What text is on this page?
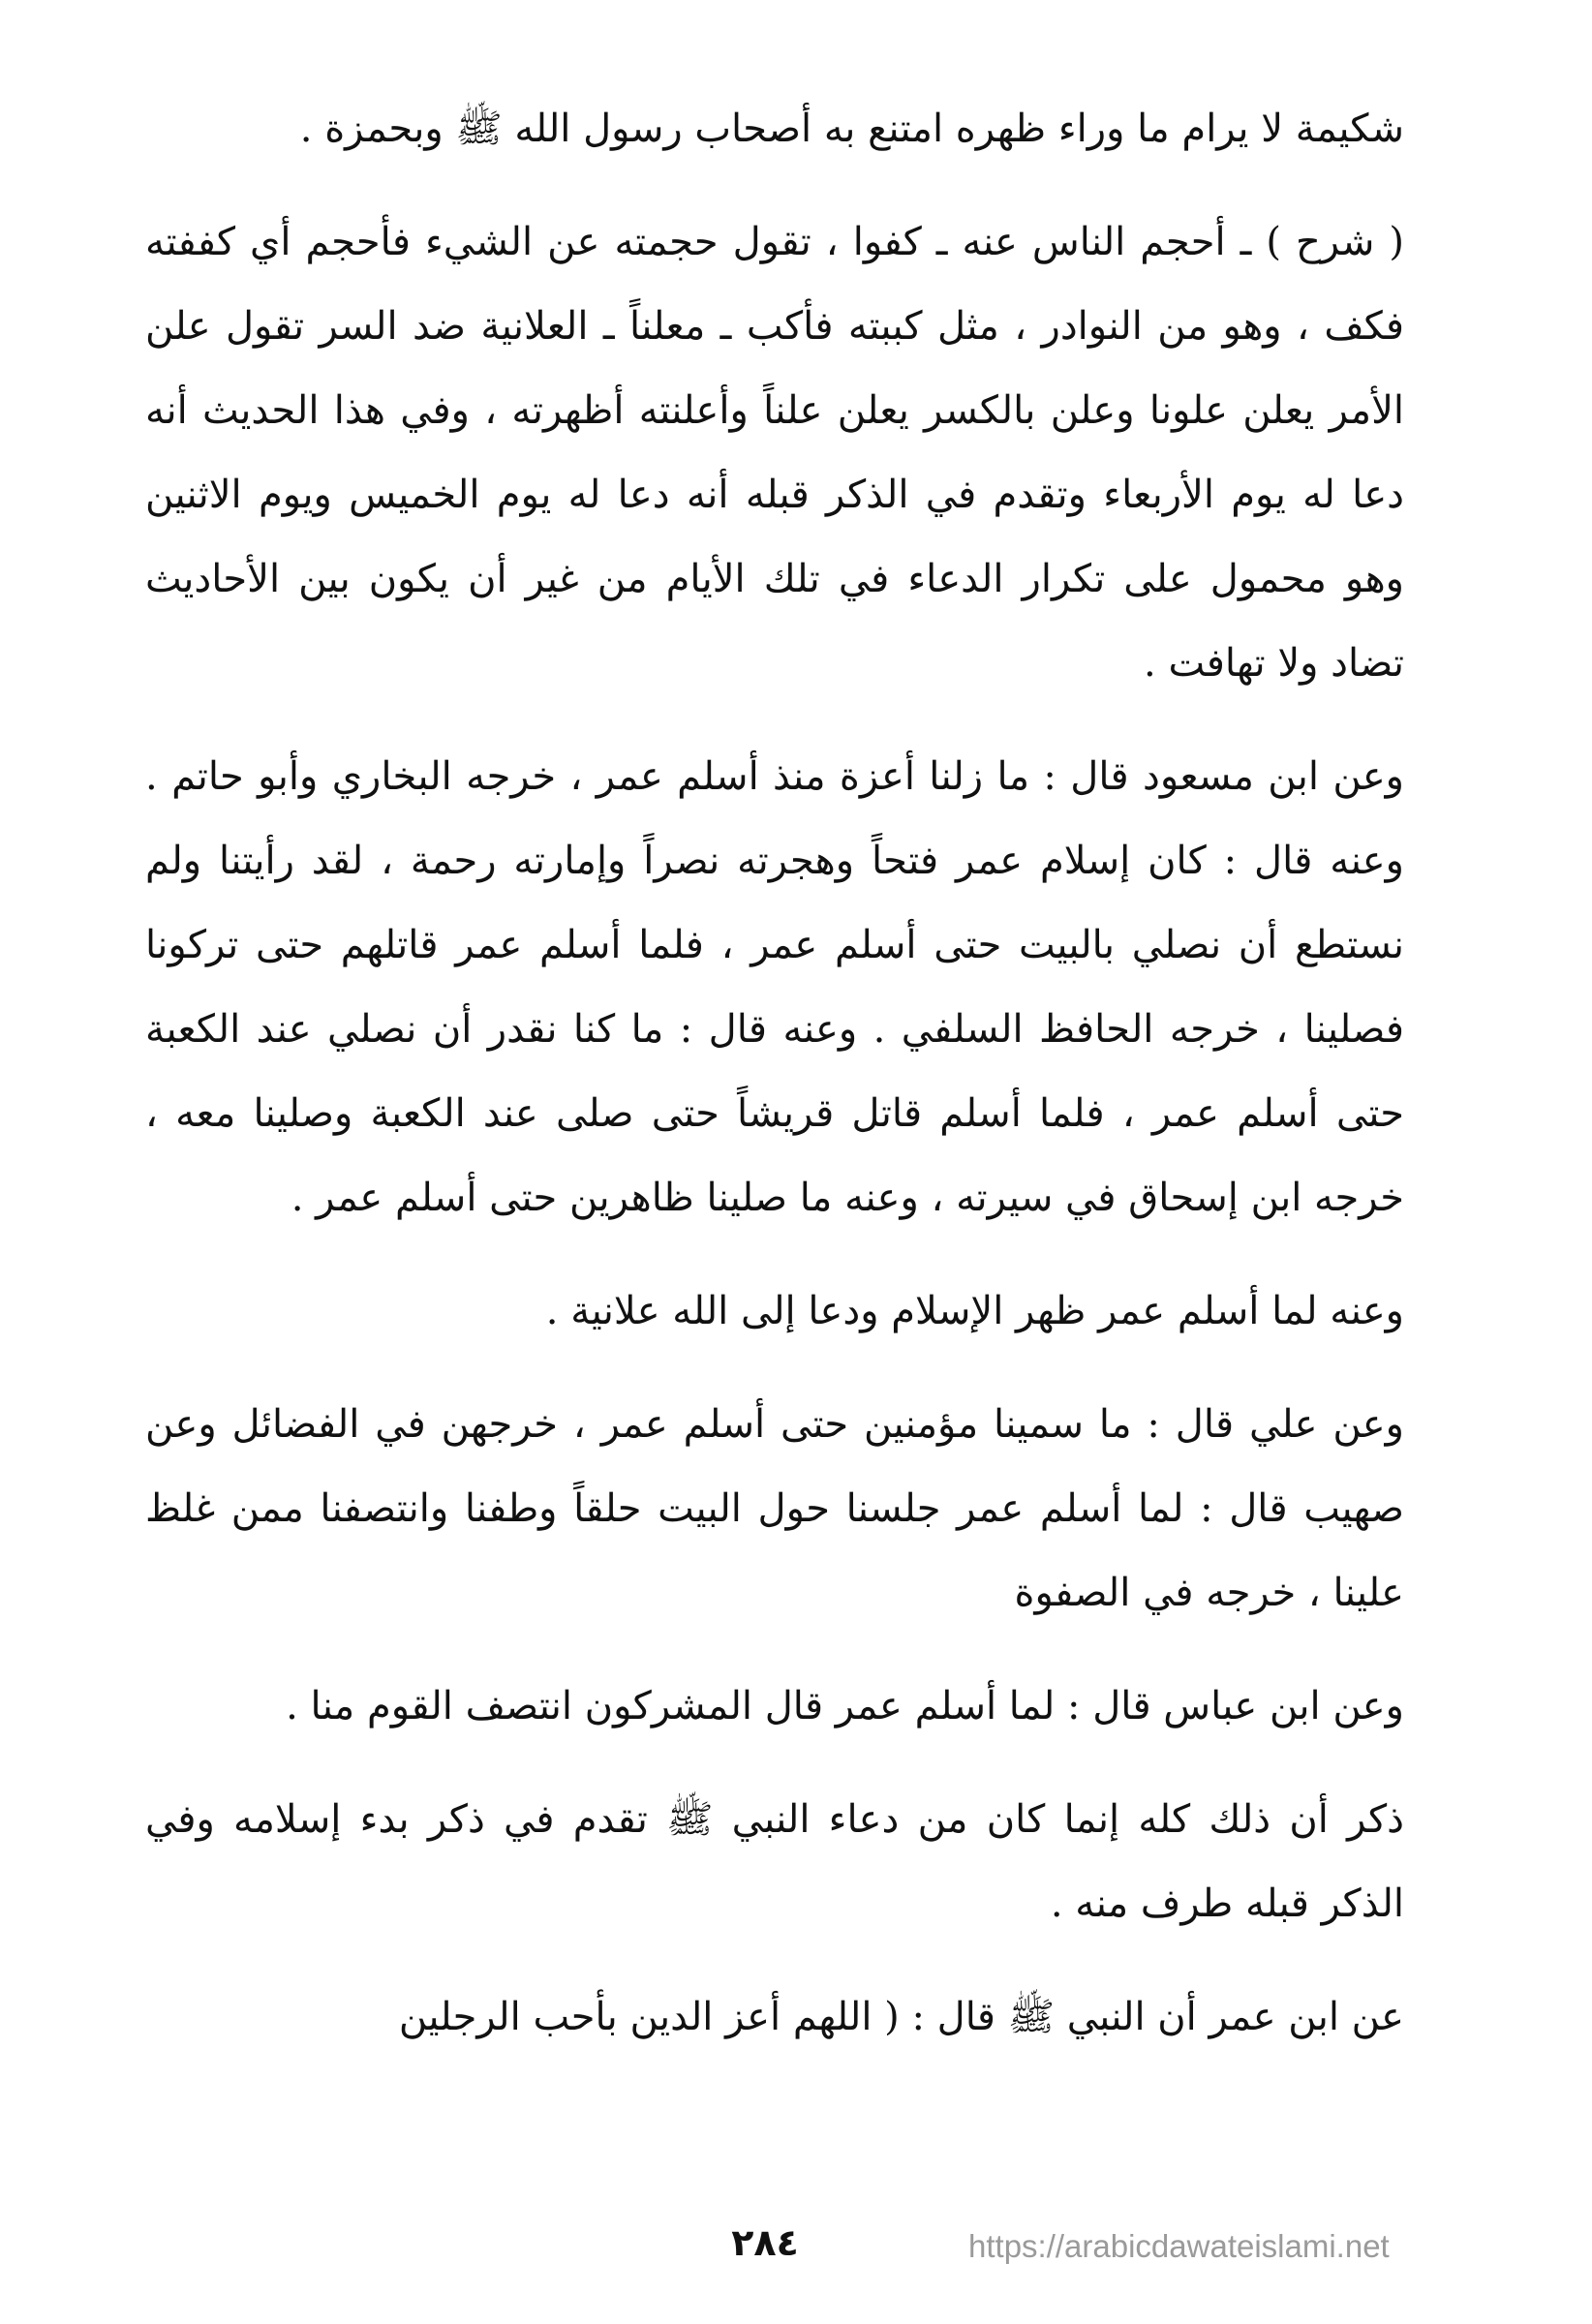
شكيمة لا يرام ما وراء ظهره امتنع به أصحاب رسول الله ﷺ وبحمزة .

( شرح ) ـ أحجم الناس عنه ـ كفوا ، تقول حجمته عن الشيء فأحجم أي كففته فكف ، وهو من النوادر ، مثل كببته فأكب ـ معلناً ـ العلانية ضد السر تقول علن الأمر يعلن علونا وعلن بالكسر يعلن علناً وأعلنته أظهرته ، وفي هذا الحديث أنه دعا له يوم الأربعاء وتقدم في الذكر قبله أنه دعا له يوم الخميس ويوم الاثنين وهو محمول على تكرار الدعاء في تلك الأيام من غير أن يكون بين الأحاديث تضاد ولا تهافت .

وعن ابن مسعود قال : ما زلنا أعزة منذ أسلم عمر ، خرجه البخاري وأبو حاتم . وعنه قال : كان إسلام عمر فتحاً وهجرته نصراً وإمارته رحمة ، لقد رأيتنا ولم نستطع أن نصلي بالبيت حتى أسلم عمر ، فلما أسلم عمر قاتلهم حتى تركونا فصلينا ، خرجه الحافظ السلفي . وعنه قال : ما كنا نقدر أن نصلي عند الكعبة حتى أسلم عمر ، فلما أسلم قاتل قريشاً حتى صلى عند الكعبة وصلينا معه ، خرجه ابن إسحاق في سيرته ، وعنه ما صلينا ظاهرين حتى أسلم عمر .

وعنه لما أسلم عمر ظهر الإسلام ودعا إلى الله علانية .

وعن علي قال : ما سمينا مؤمنين حتى أسلم عمر ، خرجهن في الفضائل وعن صهيب قال : لما أسلم عمر جلسنا حول البيت حلقاً وطفنا وانتصفنا ممن غلظ علينا ، خرجه في الصفوة

وعن ابن عباس قال : لما أسلم عمر قال المشركون انتصف القوم منا .

ذكر أن ذلك كله إنما كان من دعاء النبي ﷺ تقدم في ذكر بدء إسلامه وفي الذكر قبله طرف منه .

عن ابن عمر أن النبي ﷺ قال : ( اللهم أعز الدين بأحب الرجلين

٢٨٤	https://arabicdawateislami.net
